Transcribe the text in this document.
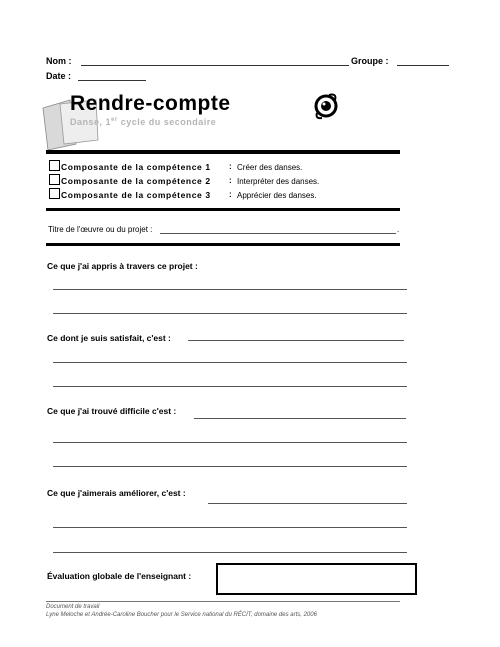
Nom :	Groupe :
Date :
Rendre-compte
Danse, 1er cycle du secondaire
Composante de la compétence 1 : Créer des danses.
Composante de la compétence 2 : Interpréter des danses.
Composante de la compétence 3 : Apprécier des danses.
Titre de l'œuvre ou du projet :	.
Ce que j'ai appris à travers ce projet :
Ce dont je suis satisfait, c'est :
Ce que j'ai trouvé difficile c'est :
Ce que j'aimerais améliorer, c'est :
Évaluation globale de l'enseignant :
Document de travail
Lyne Meloche et Andrée-Caroline Boucher pour le Service national du RÉCIT, domaine des arts, 2006
